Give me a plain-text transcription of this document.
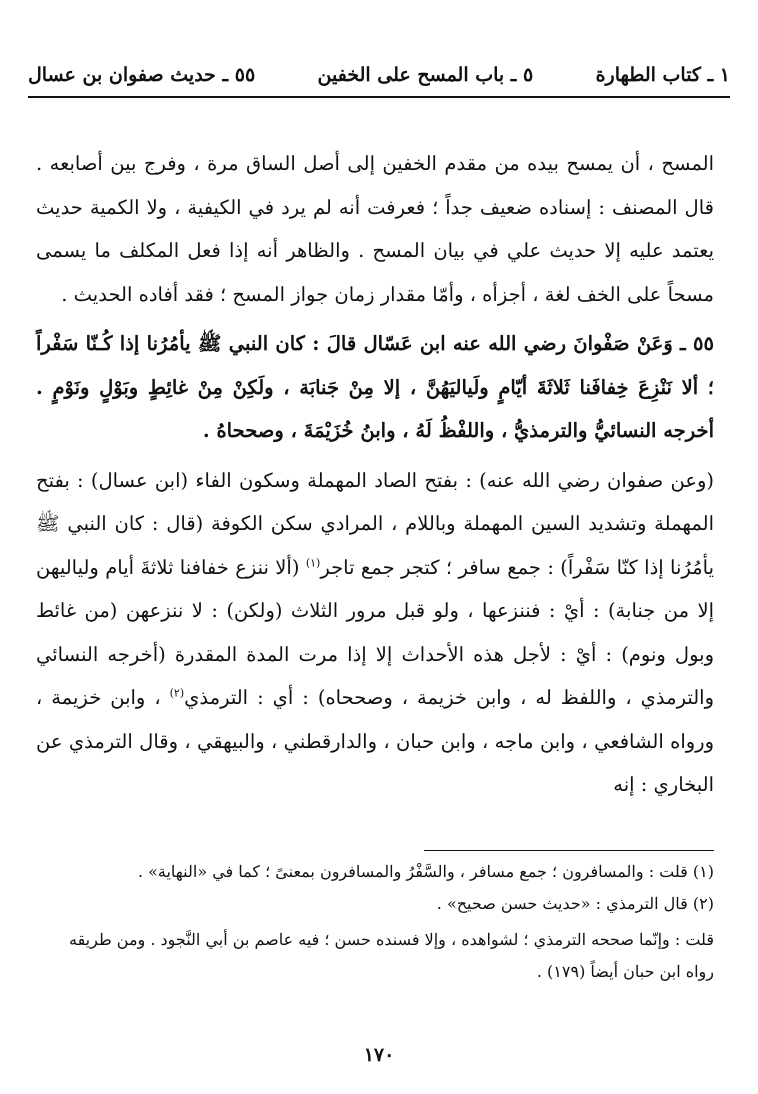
١ ـ كتاب الطهارة
٥ ـ باب المسح على الخفين
٥٥ ـ حديث صفوان بن عسال

المسح ، أن يمسح بيده من مقدم الخفين إلى أصل الساق مرة ، وفرج بين أصابعه . قال المصنف : إسناده ضعيف جداً ؛ فعرفت أنه لم يرد في الكيفية ، ولا الكمية حديث يعتمد عليه إلا حديث علي في بيان المسح . والظاهر أنه إذا فعل المكلف ما يسمى مسحاً على الخف لغة ، أجزأه ، وأمّا مقدار زمان جواز المسح ؛ فقد أفاده الحديث .

٥٥ ـ وَعَنْ صَفْوانَ رضي الله عنه ابن عَسّال قالَ : كان النبي ﷺ يأمُرُنا إذا كُـنّا سَفْراً ؛ ألا نَنْزِعَ خِفافَنا ثَلاثَةَ أيّامٍ ولَياليَهُنَّ ، إلا مِنْ جَنابَة ، ولَكِنْ مِنْ غائِطٍ وبَوْلٍ ونَوْمٍ . أخرجه النسائيُّ والترمذيُّ ، واللفْظُ لَهُ ، وابنُ خُزَيْمَةَ ، وصححاهُ .

(وعن صفوان رضي الله عنه) : بفتح الصاد المهملة وسكون الفاء (ابن عسال) : بفتح المهملة وتشديد السين المهملة وباللام ، المرادي سكن الكوفة (قال : كان النبي ﷺ يأمُرُنا إذا كنّا سَفْراً) : جمع سافر ؛ كتجر جمع تاجر$^{(١)}$ (ألا ننزع خفافنا ثلاثةَ أيام ولياليهن إلا من جنابة) : أيْ : فننزعها ، ولو قبل مرور الثلاث (ولكن) : لا ننزعهن (من غائط وبول ونوم) : أيْ : لأجل هذه الأحداث إلا إذا مرت المدة المقدرة (أخرجه النسائي والترمذي ، واللفظ له ، وابن خزيمة ، وصححاه) : أي : الترمذي$^{(٢)}$ ، وابن خزيمة ، ورواه الشافعي ، وابن ماجه ، وابن حبان ، والدارقطني ، والبيهقي ، وقال الترمذي عن البخاري : إنه

(١) قلت : والمسافرون ؛ جمع مسافر ، والسَّفْرُ والمسافرون بمعنىً ؛ كما في «النهاية» .

(٢) قال الترمذي : «حديث حسن صحيح» .

قلت : وإنّما صححه الترمذي ؛ لشواهده ، وإلا فسنده حسن ؛ فيه عاصم بن أبي النَّجود . ومن طريقه رواه ابن حبان أيضاً (١٧٩) .

١٧٠
